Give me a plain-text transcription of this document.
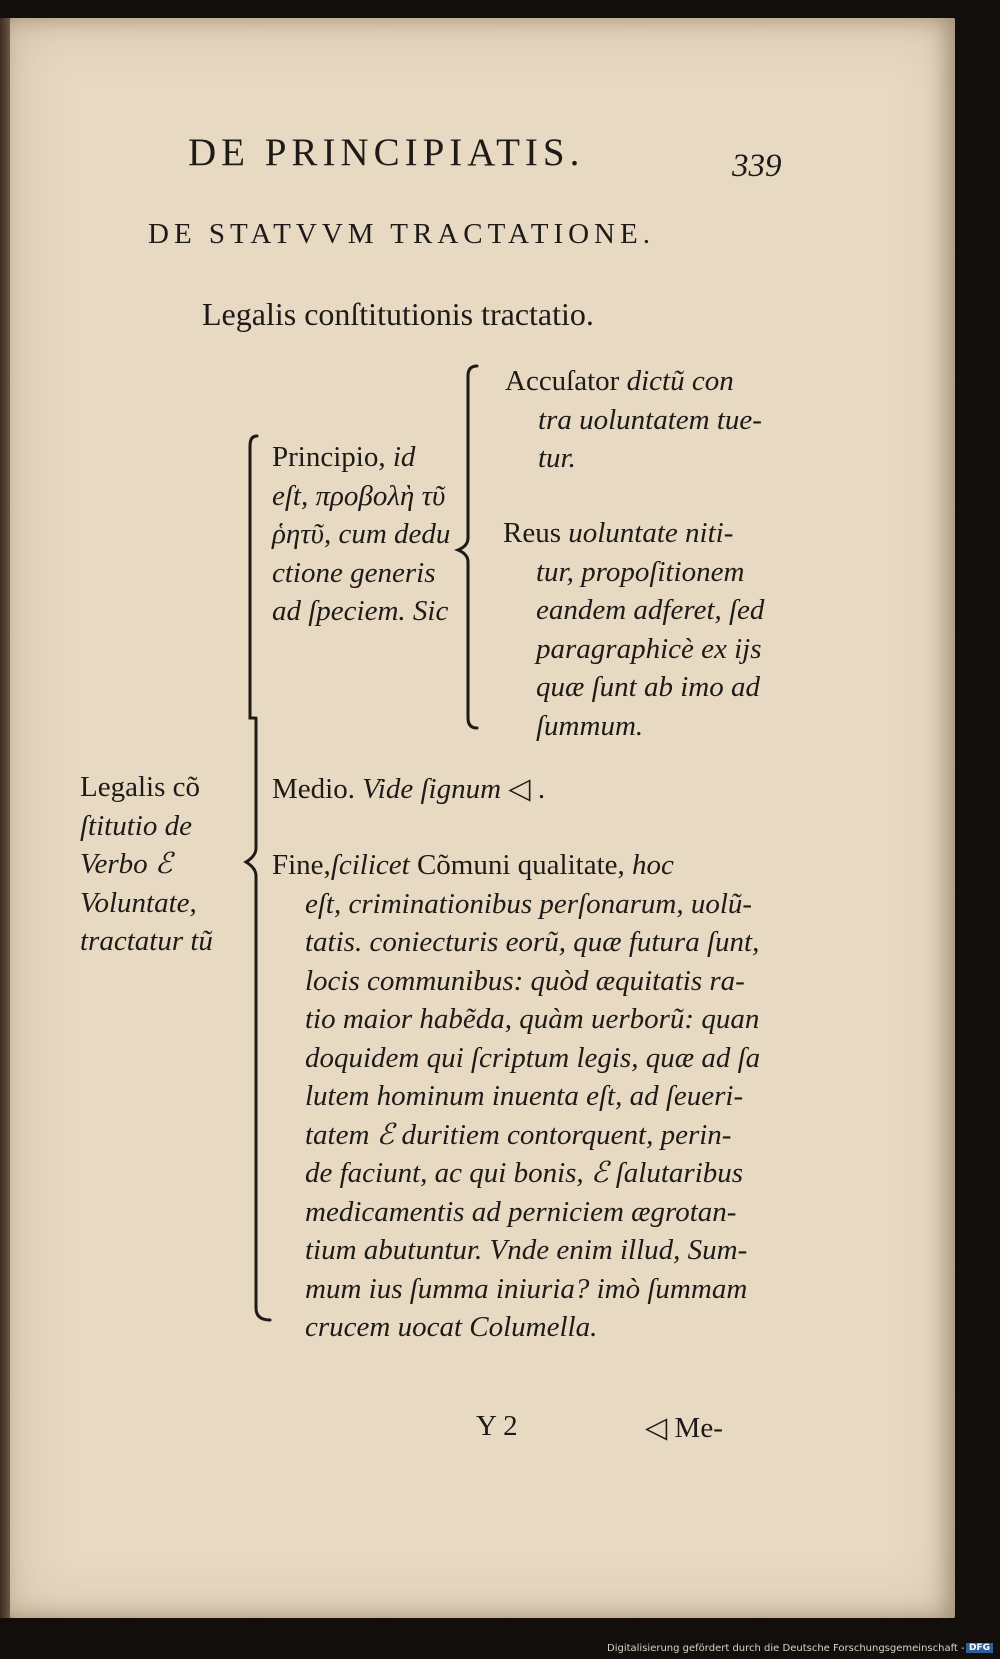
DE PRINCIPIATIS.	339
DE STATVVM TRACTATIONE.
Legalis conſtitutionis tractatio.
Accuſator dictũ con
tra uoluntatem tue-
tur.
Principio, id
eſt, προβολὴ τῦ
ῥητῦ, cum dedu
ctione generis
ad ſpeciem. Sic
Reus uoluntate niti-
tur, propoſitionem
eandem adferet, ſed
paragraphicè ex ijs
quæ ſunt ab imo ad
ſummum.
Legalis cõ
ſtitutio de
Verbo ℰ
Voluntate,
tractatur tũ
Medio. Vide ſignum ◁ .
Fine,ſcilicet Cõmuni qualitate, hoc
eſt, criminationibus perſonarum, uolũ-
tatis. coniecturis eorũ, quæ futura ſunt,
locis communibus: quòd æquitatis ra-
tio maior habẽda, quàm uerborũ: quan
doquidem qui ſcriptum legis, quæ ad ſa
lutem hominum inuenta eſt, ad ſeueri-
tatem ℰ duritiem contorquent, perin-
de faciunt, ac qui bonis, ℰ ſalutaribus
medicamentis ad perniciem ægrotan-
tium abutuntur. Vnde enim illud, Sum-
mum ius ſumma iniuria? imò ſummam
crucem uocat Columella.
Y 2	◁ Me-
Digitalisierung gefördert durch die Deutsche Forschungsgemeinschaft - DFG
